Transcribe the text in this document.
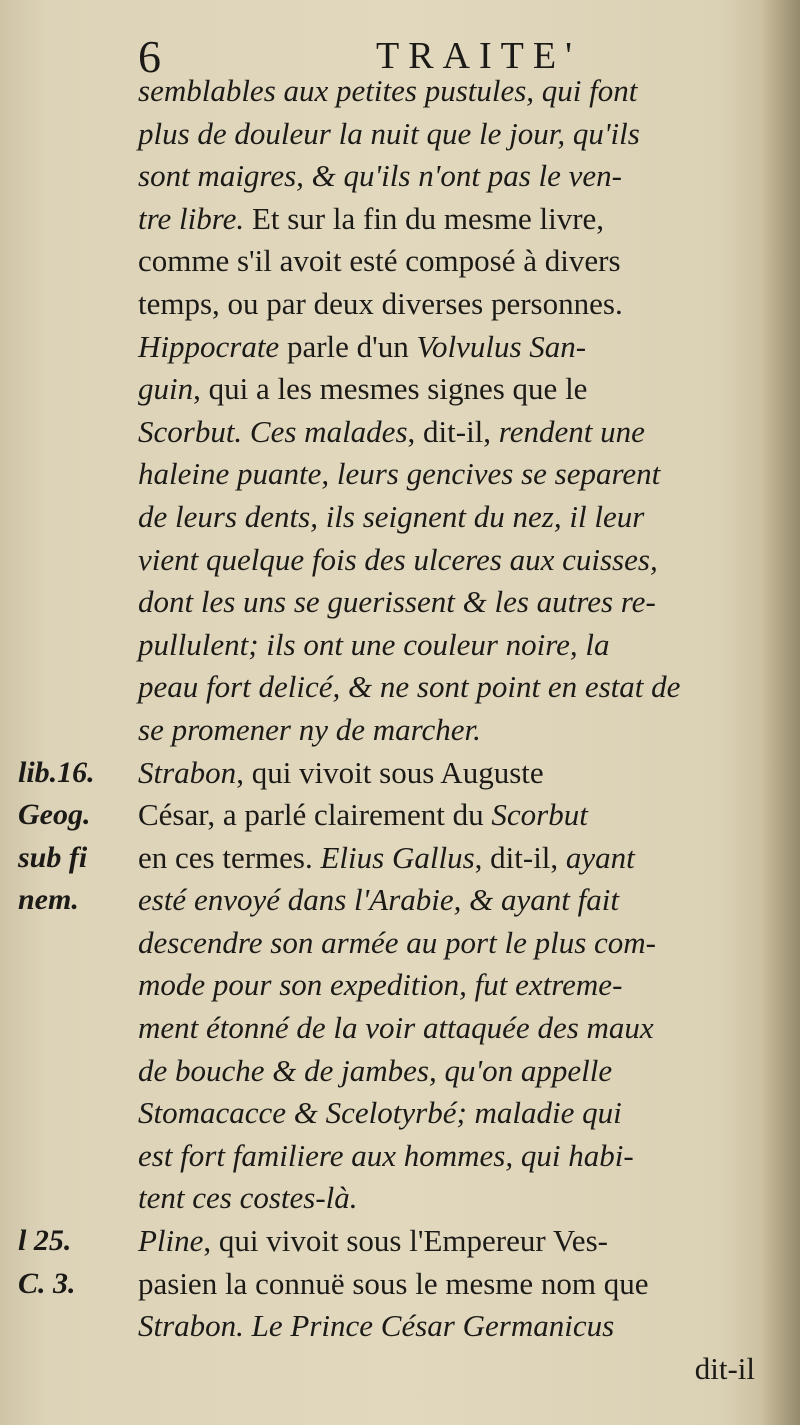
6	TRAITE'
semblables aux petites pustules, qui font
plus de douleur la nuit que le jour, qu'ils
sont maigres, & qu'ils n'ont pas le ven-
tre libre. Et sur la fin du mesme livre,
comme s'il avoit esté composé à divers
temps, ou par deux diverses personnes.
Hippocrate parle d'un Volvulus San-
guin, qui a les mesmes signes que le
Scorbut. Ces malades, dit-il, rendent une
haleine puante, leurs gencives se separent
de leurs dents, ils seignent du nez, il leur
vient quelque fois des ulceres aux cuisses,
dont les uns se guerissent & les autres re-
pullulent; ils ont une couleur noire, la
peau fort delicé, & ne sont point en estat de
se promener ny de marcher.
Strabon, qui vivoit sous Auguste
César, a parlé clairement du Scorbut
en ces termes. Elius Gallus, dit-il, ayant
esté envoyé dans l'Arabie, & ayant fait
descendre son armée au port le plus com-
mode pour son expedition, fut extreme-
ment étonné de la voir attaquée des maux
de bouche & de jambes, qu'on appelle
Stomacacce & Scelotyrbé; maladie qui
est fort familiere aux hommes, qui habi-
tent ces costes-là.
Pline, qui vivoit sous l'Empereur Ves-
pasien la connuë sous le mesme nom que
Strabon. Le Prince César Germanicus
dit-il
lib.16.
Geog.
sub fi
nem.
l 25.
C. 3.
